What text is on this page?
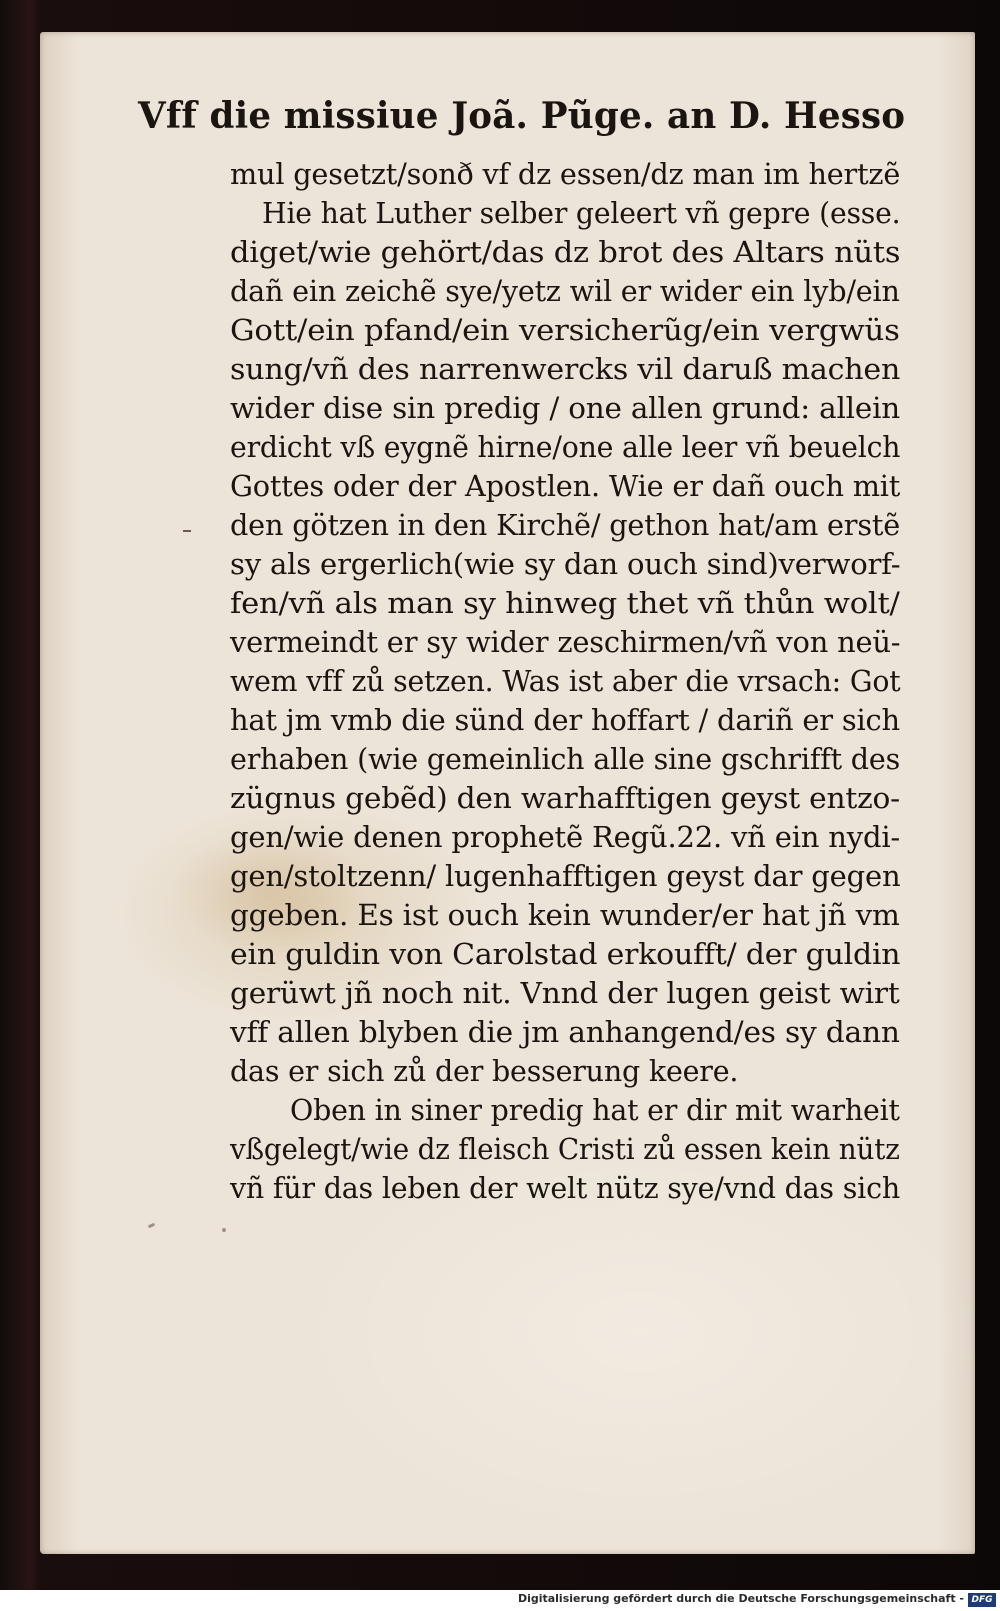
Vff die missiue Joã. Pũge. an D. Hesso
mul gesetzt/sonð vf dz essen/dz man im hertzẽ
Hie hat Luther selber geleert vñ gepre (esse.
diget/wie gehört/das dz brot des Altars nüts
dañ ein zeichẽ sye/yetz wil er wider ein lyb/ein
Gott/ein pfand/ein versicherũg/ein vergwüs
sung/vñ des narrenwercks vil daruß machen
wider dise sin predig / one allen grund: allein
erdicht vß eygnẽ hirne/one alle leer vñ beuelch
Gottes oder der Apostlen. Wie er dañ ouch mit
den götzen in den Kirchẽ/ gethon hat/am erstẽ
sy als ergerlich(wie sy dan ouch sind)verworf-
fen/vñ als man sy hinweg thet vñ thůn wolt/
vermeindt er sy wider zeschirmen/vñ von neü-
wem vff zů setzen. Was ist aber die vrsach: Got
hat jm vmb die sünd der hoffart / dariñ er sich
erhaben (wie gemeinlich alle sine gschrifft des
zügnus gebẽd) den warhafftigen geyst entzo-
gen/wie denen prophetẽ Regũ.22. vñ ein nydi-
gen/stoltzenn/ lugenhafftigen geyst dar gegen
ggeben. Es ist ouch kein wunder/er hat jñ vm
ein guldin von Carolstad erkoufft/ der guldin
gerüwt jñ noch nit. Vnnd der lugen geist wirt
vff allen blyben die jm anhangend/es sy dann
das er sich zů der besserung keere.
Oben in siner predig hat er dir mit warheit
vßgelegt/wie dz fleisch Cristi zů essen kein nütz
vñ für das leben der welt nütz sye/vnd das sich
Digitalisierung gefördert durch die Deutsche Forschungsgemeinschaft - DFG
